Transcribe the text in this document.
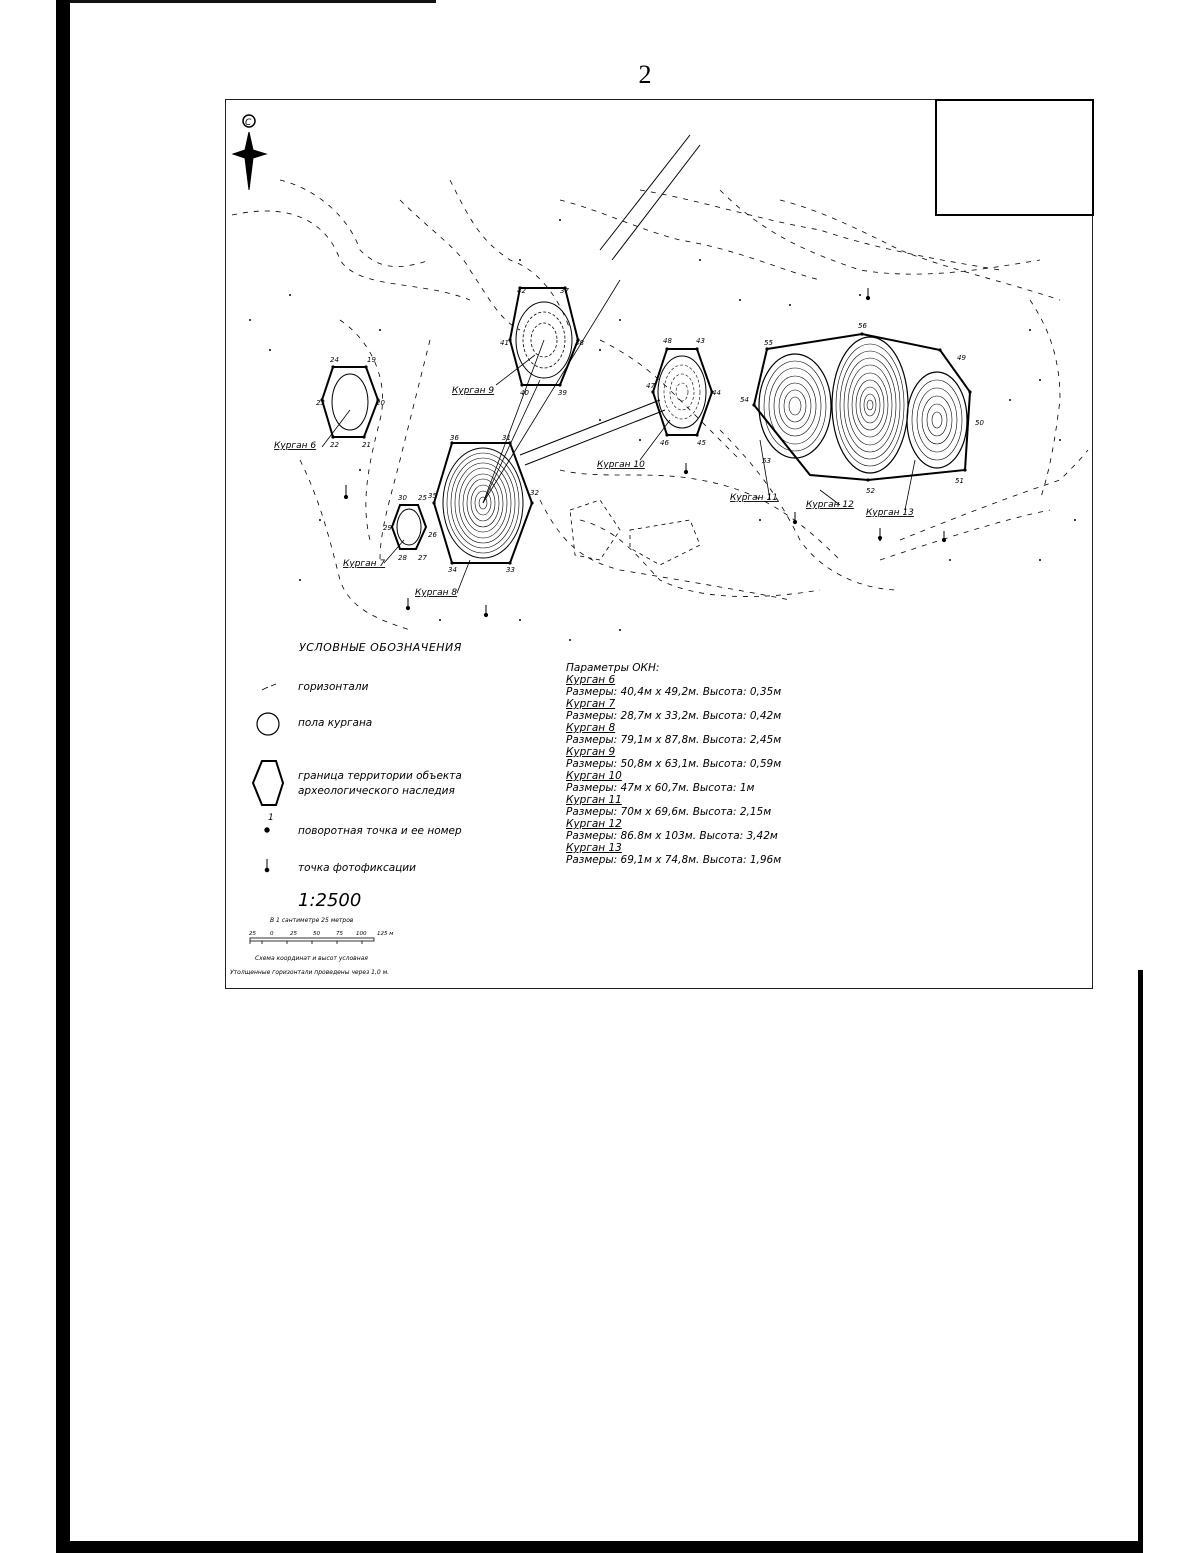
2
С
19
20
21
22
23
24
25
26
27
28
29
30
31
32
33
34
35
36
37
38
39
40
41
42
43
44
45
46
47
48
49
50
51
52
53
54
55
56
Курган 6
Курган 7
Курган 8
Курган 9
Курган 10
Курган 11
Курган 12
Курган 13
1
25	0	25	50	75 100 125 м
УСЛОВНЫЕ ОБОЗНАЧЕНИЯ
горизонтали
пола кургана
граница территории объекта археологического наследия
поворотная точка и ее номер
точка фотофиксации
1:2500
В 1 сантиметре 25 метров
Схема координат и высот условная
Утолщенные горизонтали проведены через 1,0 м.
Параметры ОКН:
Курган 6
Размеры: 40,4м x 49,2м. Высота: 0,35м
Курган 7
Размеры: 28,7м x 33,2м. Высота: 0,42м
Курган 8
Размеры: 79,1м x 87,8м. Высота: 2,45м
Курган 9
Размеры: 50,8м x 63,1м. Высота: 0,59м
Курган 10
Размеры: 47м x 60,7м. Высота: 1м
Курган 11
Размеры: 70м x 69,6м. Высота: 2,15м
Курган 12
Размеры: 86.8м x 103м. Высота: 3,42м
Курган 13
Размеры: 69,1м x 74,8м. Высота: 1,96м
